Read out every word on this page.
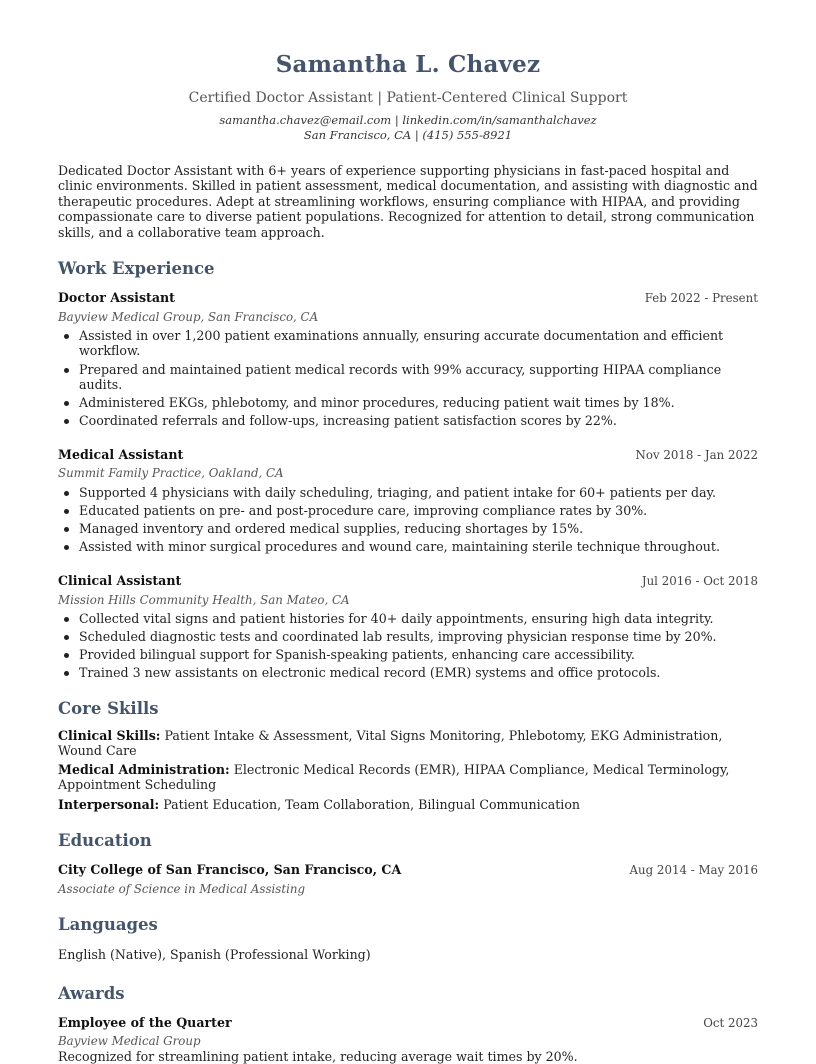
Samantha L. Chavez
Certified Doctor Assistant | Patient-Centered Clinical Support
samantha.chavez@email.com | linkedin.com/in/samanthalchavez
San Francisco, CA | (415) 555-8921
Dedicated Doctor Assistant with 6+ years of experience supporting physicians in fast-paced hospital and clinic environments. Skilled in patient assessment, medical documentation, and assisting with diagnostic and therapeutic procedures. Adept at streamlining workflows, ensuring compliance with HIPAA, and providing compassionate care to diverse patient populations. Recognized for attention to detail, strong communication skills, and a collaborative team approach.
Work Experience
Doctor Assistant	Feb 2022 - Present
Bayview Medical Group, San Francisco, CA
Assisted in over 1,200 patient examinations annually, ensuring accurate documentation and efficient workflow.
Prepared and maintained patient medical records with 99% accuracy, supporting HIPAA compliance audits.
Administered EKGs, phlebotomy, and minor procedures, reducing patient wait times by 18%.
Coordinated referrals and follow-ups, increasing patient satisfaction scores by 22%.
Medical Assistant	Nov 2018 - Jan 2022
Summit Family Practice, Oakland, CA
Supported 4 physicians with daily scheduling, triaging, and patient intake for 60+ patients per day.
Educated patients on pre- and post-procedure care, improving compliance rates by 30%.
Managed inventory and ordered medical supplies, reducing shortages by 15%.
Assisted with minor surgical procedures and wound care, maintaining sterile technique throughout.
Clinical Assistant	Jul 2016 - Oct 2018
Mission Hills Community Health, San Mateo, CA
Collected vital signs and patient histories for 40+ daily appointments, ensuring high data integrity.
Scheduled diagnostic tests and coordinated lab results, improving physician response time by 20%.
Provided bilingual support for Spanish-speaking patients, enhancing care accessibility.
Trained 3 new assistants on electronic medical record (EMR) systems and office protocols.
Core Skills
Clinical Skills: Patient Intake & Assessment, Vital Signs Monitoring, Phlebotomy, EKG Administration, Wound Care
Medical Administration: Electronic Medical Records (EMR), HIPAA Compliance, Medical Terminology, Appointment Scheduling
Interpersonal: Patient Education, Team Collaboration, Bilingual Communication
Education
City College of San Francisco, San Francisco, CA	Aug 2014 - May 2016
Associate of Science in Medical Assisting
Languages
English (Native), Spanish (Professional Working)
Awards
Employee of the Quarter	Oct 2023
Bayview Medical Group
Recognized for streamlining patient intake, reducing average wait times by 20%.
